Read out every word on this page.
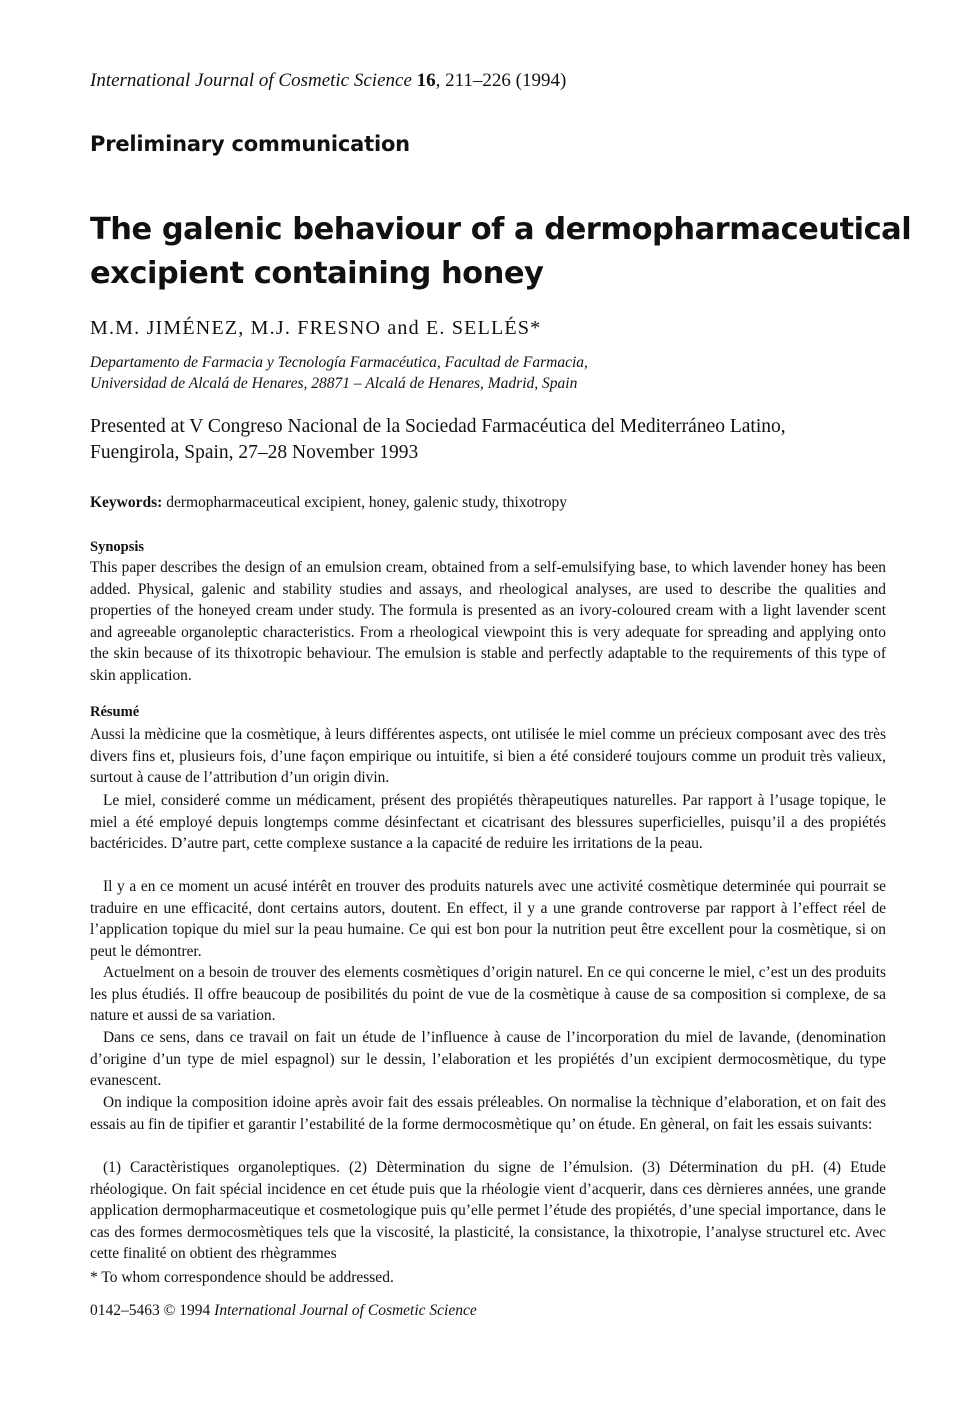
International Journal of Cosmetic Science 16, 211–226 (1994)
Preliminary communication
The galenic behaviour of a dermopharmaceutical
excipient containing honey
M.M. JIMÉNEZ, M.J. FRESNO and E. SELLÉS*
Departamento de Farmacia y Tecnología Farmacéutica, Facultad de Farmacia,
Universidad de Alcalá de Henares, 28871 – Alcalá de Henares, Madrid, Spain
Presented at V Congreso Nacional de la Sociedad Farmacéutica del Mediterráneo Latino,
Fuengirola, Spain, 27–28 November 1993
Keywords: dermopharmaceutical excipient, honey, galenic study, thixotropy
Synopsis

This paper describes the design of an emulsion cream, obtained from a self-emulsifying base, to which lavender honey has been added. Physical, galenic and stability studies and assays, and rheological analyses, are used to describe the qualities and properties of the honeyed cream under study. The formula is presented as an ivory-coloured cream with a light lavender scent and agreeable organoleptic characteristics. From a rheological viewpoint this is very adequate for spreading and applying onto the skin because of its thixotropic behaviour. The emulsion is stable and perfectly adaptable to the requirements of this type of skin application.

Résumé

Aussi la mèdicine que la cosmètique, à leurs différentes aspects, ont utilisée le miel comme un précieux composant avec des très divers fins et, plusieurs fois, d’une façon empirique ou intuitife, si bien a été consideré toujours comme un produit très valieux, surtout à cause de l’attribution d’un origin divin.

Le miel, consideré comme un médicament, présent des propiétés thèrapeutiques naturelles. Par rapport à l’usage topique, le miel a été employé depuis longtemps comme désinfectant et cicatrisant des blessures superficielles, puisqu’il a des propiétés bactéricides. D’autre part, cette complexe sustance a la capacité de reduire les irritations de la peau.

Il y a en ce moment un acusé intérêt en trouver des produits naturels avec une activité cosmètique determinée qui pourrait se traduire en une efficacité, dont certains autors, doutent. En effect, il y a une grande controverse par rapport à l’effect réel de l’application topique du miel sur la peau humaine. Ce qui est bon pour la nutrition peut être excellent pour la cosmètique, si on peut le démontrer.

Actuelment on a besoin de trouver des elements cosmètiques d’origin naturel. En ce qui concerne le miel, c’est un des produits les plus étudiés. Il offre beaucoup de posibilités du point de vue de la cosmètique à cause de sa composition si complexe, de sa nature et aussi de sa variation.

Dans ce sens, dans ce travail on fait un étude de l’influence à cause de l’incorporation du miel de lavande, (denomination d’origine d’un type de miel espagnol) sur le dessin, l’elaboration et les propiétés d’un excipient dermocosmètique, du type evanescent.

On indique la composition idoine après avoir fait des essais préleables. On normalise la tèchnique d’elaboration, et on fait des essais au fin de tipifier et garantir l’estabilité de la forme dermocosmètique qu’ on étude. En gèneral, on fait les essais suivants:

(1) Caractèristiques organoleptiques. (2) Dètermination du signe de l’émulsion. (3) Détermination du pH. (4) Etude rhéologique. On fait spécial incidence en cet étude puis que la rhéologie vient d’acquerir, dans ces dèrnieres années, une grande application dermopharmaceutique et cosmetologique puis qu’elle permet l’étude des propiétés, d’une special importance, dans le cas des formes dermocosmètiques tels que la viscosité, la plasticité, la consistance, la thixotropie, l’analyse structurel etc. Avec cette finalité on obtient des rhègrammes

* To whom correspondence should be addressed.
0142–5463 © 1994 International Journal of Cosmetic Science
